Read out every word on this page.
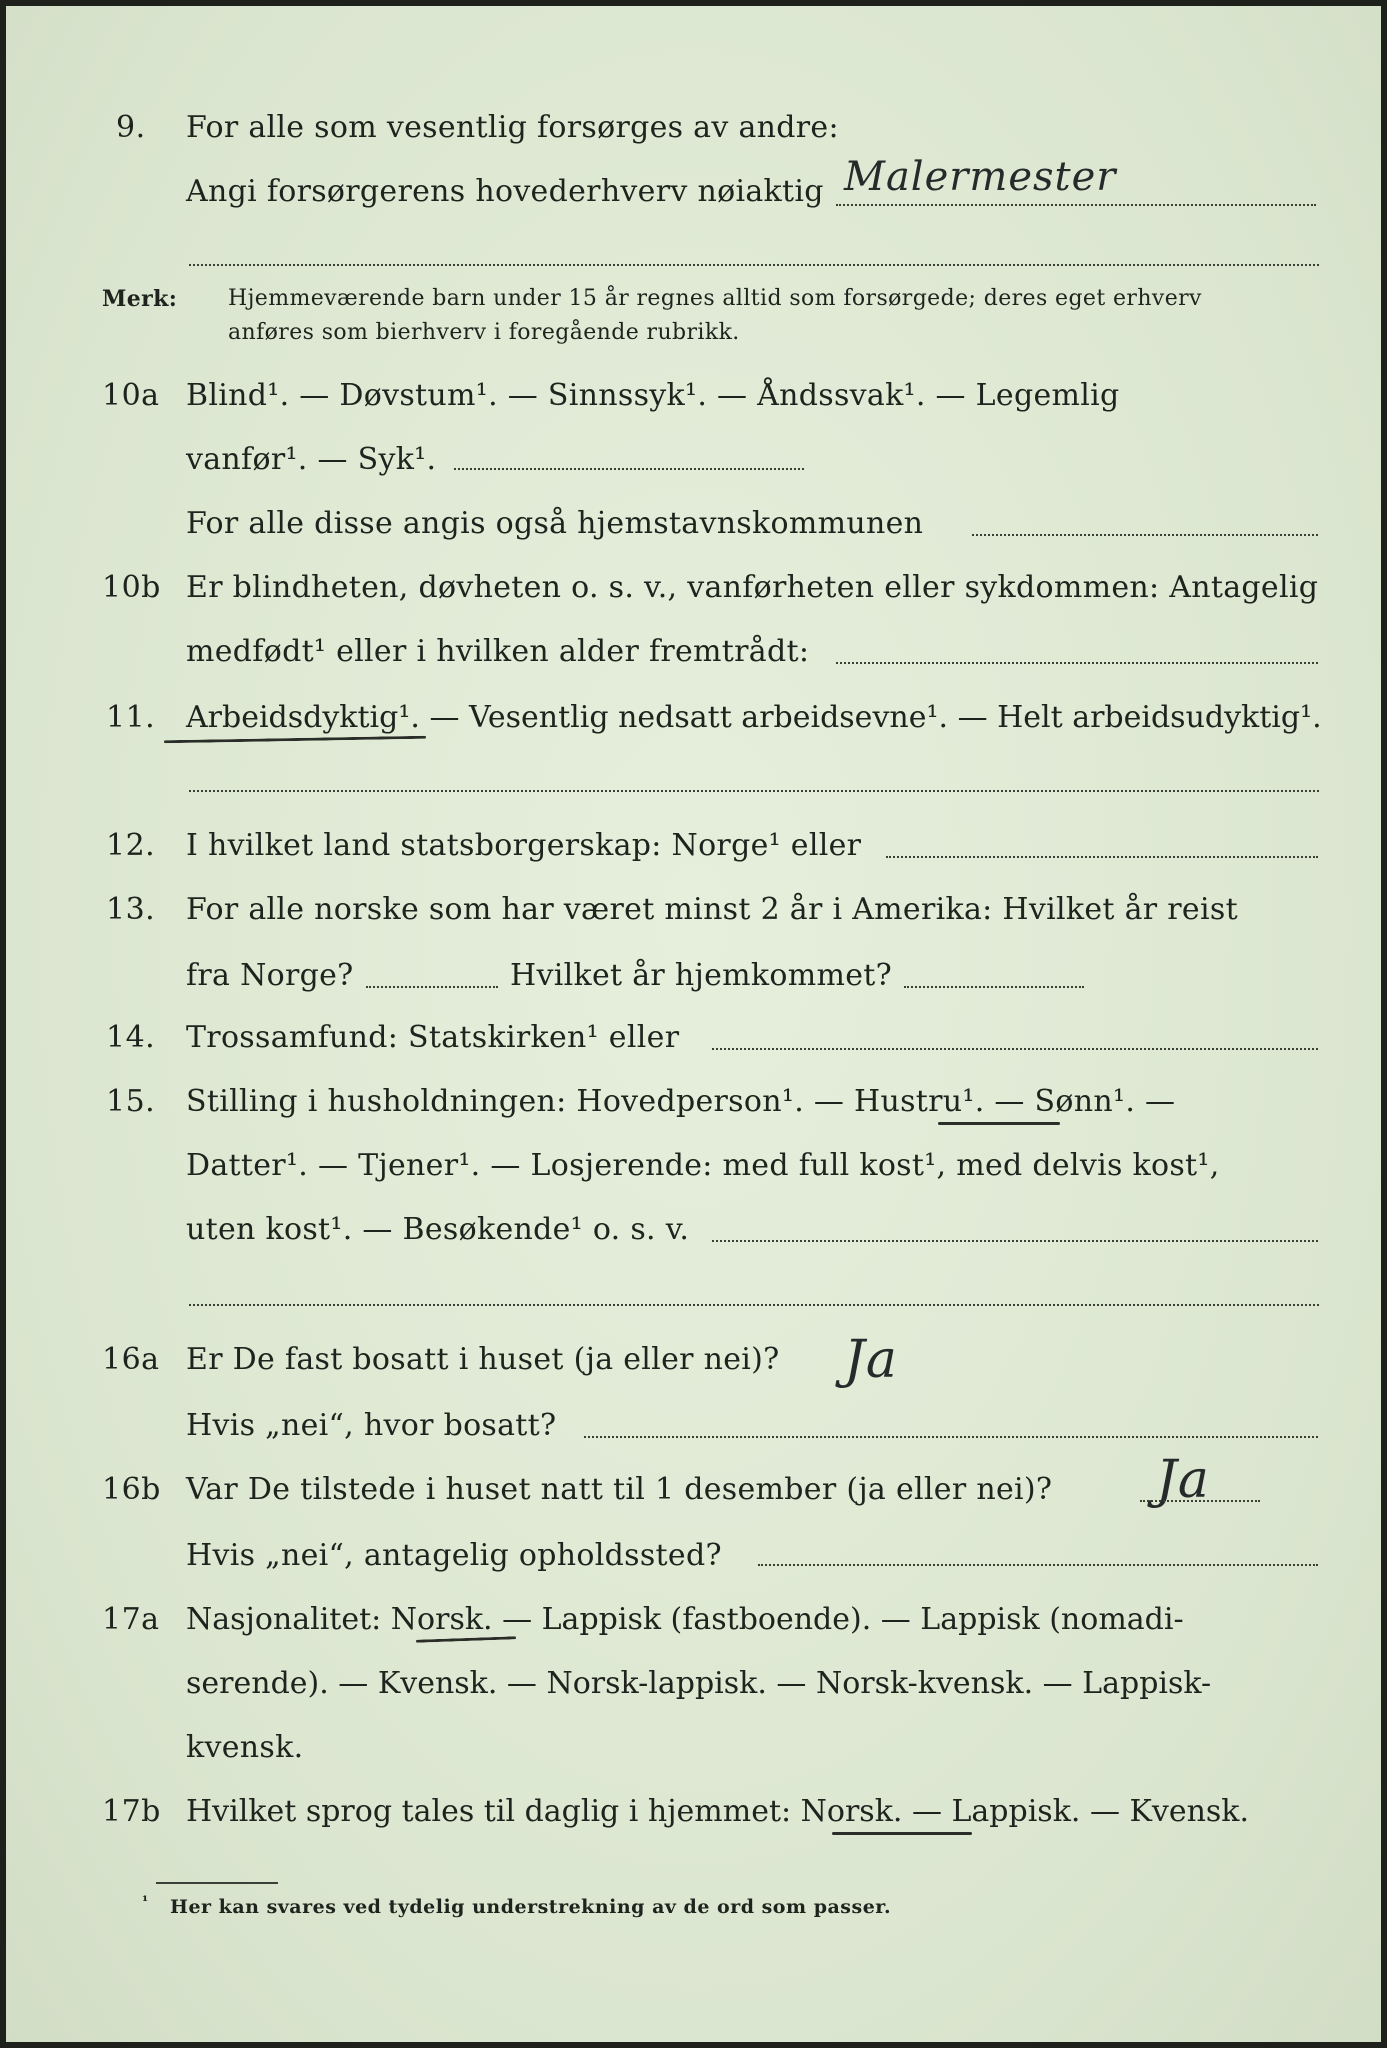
9. For alle som vesentlig forsørges av andre:
Angi forsørgerens hovederhverv nøiaktig Malermester
Merk: Hjemmeværende barn under 15 år regnes alltid som forsørgede; deres eget erhverv
anføres som bierhverv i foregående rubrikk.
10a Blind¹. — Døvstum¹. — Sinnssyk¹. — Åndssvak¹. — Legemlig
vanfør¹. — Syk¹.
For alle disse angis også hjemstavnskommunen
10b Er blindheten, døvheten o. s. v., vanførheten eller sykdommen: Antagelig
medfødt¹ eller i hvilken alder fremtrådt:
11. Arbeidsdyktig¹. — Vesentlig nedsatt arbeidsevne¹. — Helt arbeidsudyktig¹.
12. I hvilket land statsborgerskap: Norge¹ eller
13. For alle norske som har været minst 2 år i Amerika: Hvilket år reist
fra Norge?	Hvilket år hjemkommet?
14. Trossamfund: Statskirken¹ eller
15. Stilling i husholdningen: Hovedperson¹. — Hustru¹. — Sønn¹. —
Datter¹. — Tjener¹. — Losjerende: med full kost¹, med delvis kost¹,
uten kost¹. — Besøkende¹ o. s. v.
16a Er De fast bosatt i huset (ja eller nei)? Ja
Hvis „nei“, hvor bosatt?
16b Var De tilstede i huset natt til 1 desember (ja eller nei)? Ja
Hvis „nei“, antagelig opholdssted?
17a Nasjonalitet: Norsk. — Lappisk (fastboende). — Lappisk (nomadi-
serende). — Kvensk. — Norsk-lappisk. — Norsk-kvensk. — Lappisk-
kvensk.
17b Hvilket sprog tales til daglig i hjemmet: Norsk. — Lappisk. — Kvensk.
¹ Her kan svares ved tydelig understrekning av de ord som passer.
